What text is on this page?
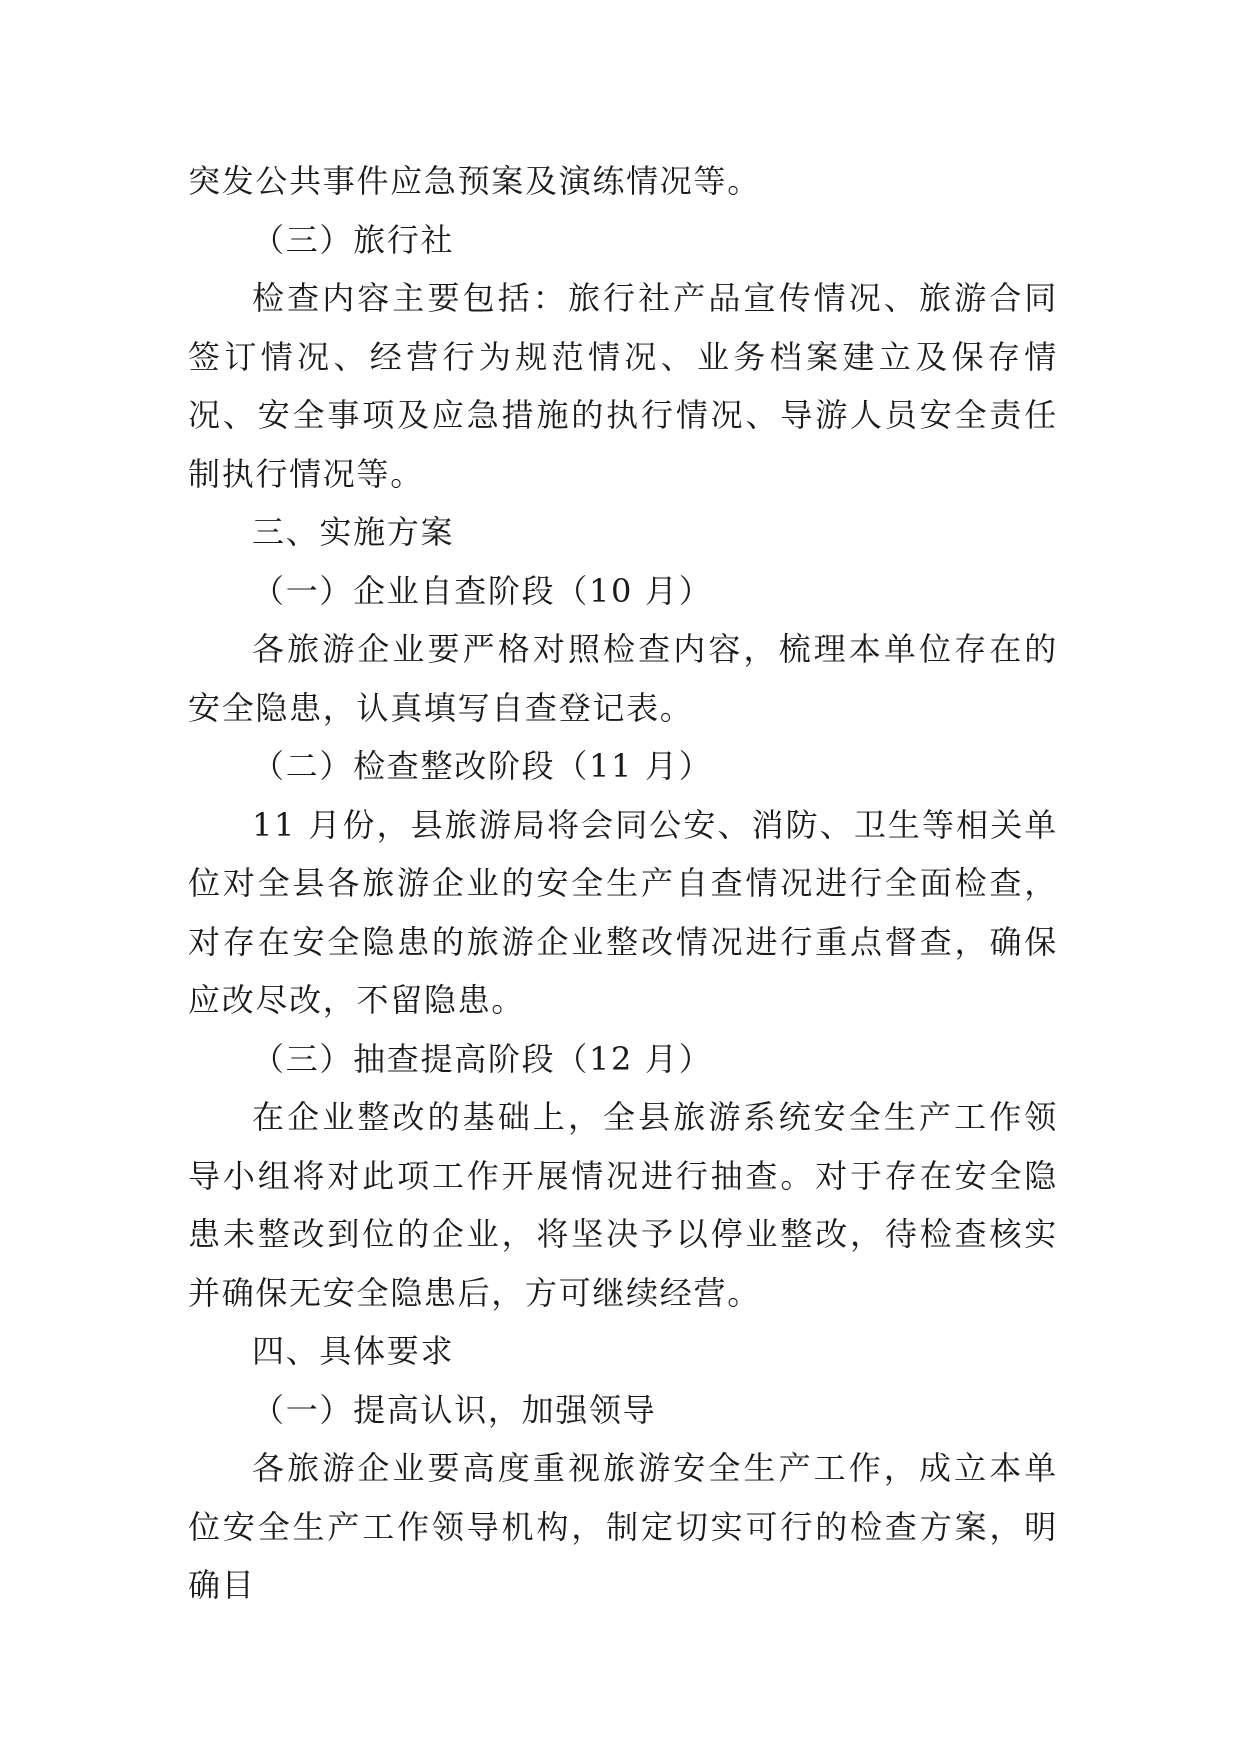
突发公共事件应急预案及演练情况等。

（三）旅行社

检查内容主要包括：旅行社产品宣传情况、旅游合同签订情况、经营行为规范情况、业务档案建立及保存情况、安全事项及应急措施的执行情况、导游人员安全责任制执行情况等。

三、实施方案

（一）企业自查阶段（10 月）

各旅游企业要严格对照检查内容，梳理本单位存在的安全隐患，认真填写自查登记表。

（二）检查整改阶段（11 月）

11 月份，县旅游局将会同公安、消防、卫生等相关单位对全县各旅游企业的安全生产自查情况进行全面检查，对存在安全隐患的旅游企业整改情况进行重点督查，确保应改尽改，不留隐患。

（三）抽查提高阶段（12 月）

在企业整改的基础上，全县旅游系统安全生产工作领导小组将对此项工作开展情况进行抽查。对于存在安全隐患未整改到位的企业，将坚决予以停业整改，待检查核实并确保无安全隐患后，方可继续经营。

四、具体要求

（一）提高认识，加强领导

各旅游企业要高度重视旅游安全生产工作，成立本单位安全生产工作领导机构，制定切实可行的检查方案，明确目
